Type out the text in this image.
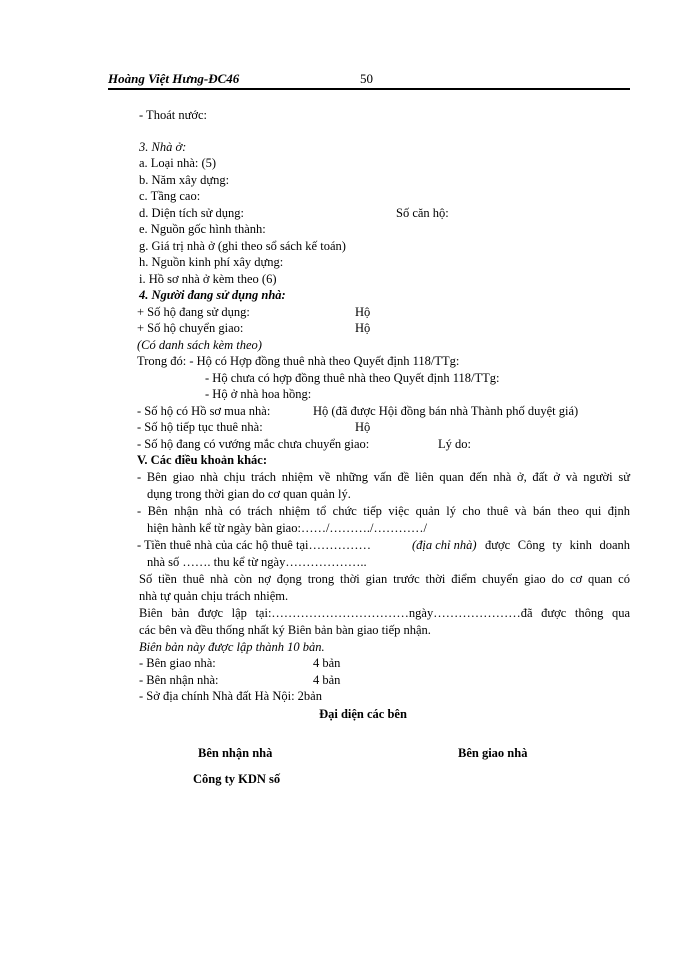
Hoàng Việt Hưng-ĐC46	50
- Thoát nước:
3. Nhà ở:
a. Loại nhà: (5)
b. Năm xây dựng:
c. Tầng cao:
d. Diện tích sử dụng:	Số căn hộ:
e. Nguồn gốc hình thành:
g. Giá trị nhà ở (ghi theo sổ sách kế toán)
h. Nguồn kinh phí xây dựng:
i. Hồ sơ nhà ở kèm theo (6)
4. Người đang sử dụng nhà:
+ Số hộ đang sử dụng:	Hộ
+ Số hộ chuyển giao:	Hộ
(Có danh sách kèm theo)
Trong đó: - Hộ có Hợp đồng thuê nhà theo Quyết định 118/TTg:
- Hộ chưa có hợp đồng thuê nhà theo Quyết định 118/TTg:
- Hộ ở nhà hoa hồng:
- Số hộ có Hồ sơ mua nhà:	Hộ (đã được Hội đồng bán nhà Thành phố duyệt giá)
- Số hộ tiếp tục thuê nhà:	Hộ
- Số hộ đang có vướng mắc chưa chuyển giao:	Lý do:
V. Các điều khoản khác:
- Bên giao nhà chịu trách nhiệm về những vấn đề liên quan đến nhà ở, đất ở và người sử
dụng trong thời gian do cơ quan quản lý.
- Bên nhận nhà có trách nhiệm tổ chức tiếp việc quản lý cho thuê và bán theo qui định
hiện hành kể từ ngày bàn giao:……/………./…………/
- Tiền thuê nhà của các hộ thuê tại……………	(địa chỉ nhà) được Công ty kinh doanh
nhà số ……. thu kể từ ngày………………..
Số tiền thuê nhà còn nợ đọng trong thời gian trước thời điểm chuyển giao do cơ quan có
nhà tự quản chịu trách nhiệm.
Biên bản được lập tại:……………………………ngày…………………đã được thông qua
các bên và đều thống nhất ký Biên bản bàn giao tiếp nhận.
Biên bản này được lập thành 10 bản.
- Bên giao nhà:	4 bản
- Bên nhận nhà:	4 bản
- Sở địa chính Nhà đất Hà Nội: 2bản
Đại diện các bên
Bên nhận nhà	Bên giao nhà
Công ty KDN số
